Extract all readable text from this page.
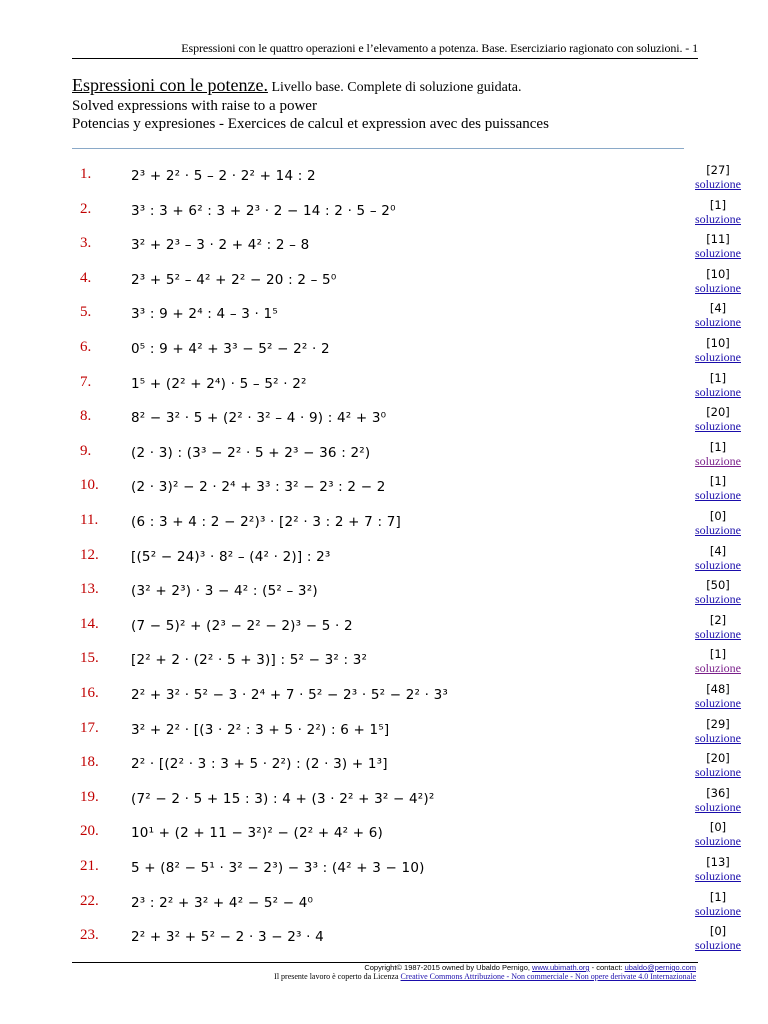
Espressioni con le quattro operazioni e l’elevamento a potenza. Base. Eserciziario ragionato con soluzioni. - 1
Espressioni con le potenze. Livello base. Complete di soluzione guidata.
Solved expressions with raise to a power
Potencias y expresiones - Exercices de calcul et expression avec des puissances
1.	2³ + 2² · 5 – 2 · 2² + 14 : 2	[27]
soluzione
2.	3³ : 3 + 6² : 3 + 2³ · 2 − 14 : 2 · 5 – 2⁰	[1]
soluzione
3.	3² + 2³ – 3 · 2 + 4² : 2 – 8	[11]
soluzione
4.	2³ + 5² – 4² + 2² − 20 : 2 – 5⁰	[10]
soluzione
5.	3³ : 9 + 2⁴ : 4 – 3 · 1⁵	[4]
soluzione
6.	0⁵ : 9 + 4² + 3³ − 5² − 2² · 2	[10]
soluzione
7.	1⁵ + (2² + 2⁴) · 5 – 5² · 2²	[1]
soluzione
8.	8² − 3² · 5 + (2² · 3² – 4 · 9) : 4² + 3⁰	[20]
soluzione
9.	(2 · 3) : (3³ − 2² · 5 + 2³ − 36 : 2²)	[1]
soluzione
10. (2 · 3)² − 2 · 2⁴ + 3³ : 3² − 2³ : 2 − 2	[1]
soluzione
11. (6 : 3 + 4 : 2 − 2²)³ · [2² · 3 : 2 + 7 : 7]	[0]
soluzione
12. [(5² − 24)³ · 8² – (4² · 2)] : 2³	[4]
soluzione
13. (3² + 2³) · 3 − 4² : (5² – 3²)	[50]
soluzione
14. (7 − 5)² + (2³ − 2² − 2)³ − 5 · 2	[2]
soluzione
15. [2² + 2 · (2² · 5 + 3)] : 5² − 3² : 3²	[1]
soluzione
16. 2² + 3² · 5² − 3 · 2⁴ + 7 · 5² − 2³ · 5² − 2² · 3³	[48]
soluzione
17. 3² + 2² · [(3 · 2² : 3 + 5 · 2²) : 6 + 1⁵]	[29]
soluzione
18. 2² · [(2² · 3 : 3 + 5 · 2²) : (2 · 3) + 1³]	[20]
soluzione
19. (7² − 2 · 5 + 15 : 3) : 4 + (3 · 2² + 3² − 4²)²	[36]
soluzione
20. 10¹ + (2 + 11 − 3²)² − (2² + 4² + 6)	[0]
soluzione
21. 5 + (8² − 5¹ · 3² − 2³) − 3³ : (4² + 3 − 10)	[13]
soluzione
22. 2³ : 2² + 3² + 4² − 5² − 4⁰	[1]
soluzione
23. 2² + 3² + 5² − 2 · 3 − 2³ · 4	[0]
soluzione
Copyright© 1987-2015 owned by Ubaldo Pernigo, www.ubimath.org - contact: ubaldo@pernigo.com
Il presente lavoro è coperto da Licenza Creative Commons Attribuzione - Non commerciale - Non opere derivate 4.0 Internazionale
